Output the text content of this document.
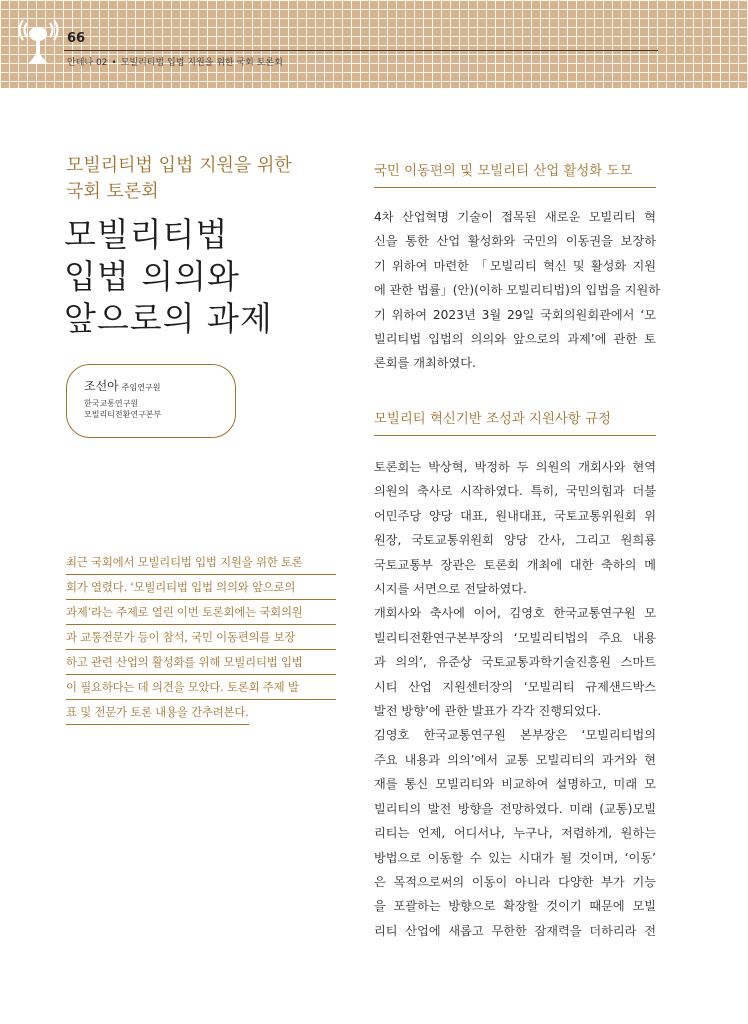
66
안테나 02 • 모빌리티법 입법 지원을 위한 국회 토론회
모빌리티법 입법 지원을 위한
국회 토론회
모빌리티법
입법 의의와
앞으로의 과제
조선아 주임연구원
한국교통연구원
모빌리티전환연구본부
최근 국회에서 모빌리티법 입법 지원을 위한 토론
회가 열렸다. ‘모빌리티법 입법 의의와 앞으로의
과제’라는 주제로 열린 이번 토론회에는 국회의원
과 교통전문가 등이 참석, 국민 이동편의를 보장
하고 관련 산업의 활성화를 위해 모빌리티법 입법
이 필요하다는 데 의견을 모았다. 토론회 주제 발
표 및 전문가 토론 내용을 간추려본다.
국민 이동편의 및 모빌리티 산업 활성화 도모
4차 산업혁명 기술이 접목된 새로운 모빌리티 혁
신을 통한 산업 활성화와 국민의 이동권을 보장하
기 위하여 마련한 「모빌리티 혁신 및 활성화 지원
에 관한 법률」(안)(이하 모빌리티법)의 입법을 지원하
기 위하여 2023년 3월 29일 국회의원회관에서 ‘모
빌리티법 입법의 의의와 앞으로의 과제’에 관한 토
론회를 개최하였다.
모빌리티 혁신기반 조성과 지원사항 규정
토론회는 박상혁, 박정하 두 의원의 개회사와 현역
의원의 축사로 시작하였다. 특히, 국민의힘과 더불
어민주당 양당 대표, 원내대표, 국토교통위원회 위
원장, 국토교통위원회 양당 간사, 그리고 원희룡
국토교통부 장관은 토론회 개최에 대한 축하의 메
시지를 서면으로 전달하였다.
개회사와 축사에 이어, 김영호 한국교통연구원 모
빌리티전환연구본부장의 ‘모빌리티법의 주요 내용
과 의의’, 유준상 국토교통과학기술진흥원 스마트
시티 산업 지원센터장의 ‘모빌리티 규제샌드박스
발전 방향’에 관한 발표가 각각 진행되었다.
김영호 한국교통연구원 본부장은 ‘모빌리티법의
주요 내용과 의의’에서 교통 모빌리티의 과거와 현
재를 통신 모빌리티와 비교하여 설명하고, 미래 모
빌리티의 발전 방향을 전망하였다. 미래 (교통)모빌
리티는 언제, 어디서나, 누구나, 저렴하게, 원하는
방법으로 이동할 수 있는 시대가 될 것이며, ‘이동’
은 목적으로써의 이동이 아니라 다양한 부가 기능
을 포괄하는 방향으로 확장할 것이기 때문에 모빌
리티 산업에 새롭고 무한한 잠재력을 더하리라 전
